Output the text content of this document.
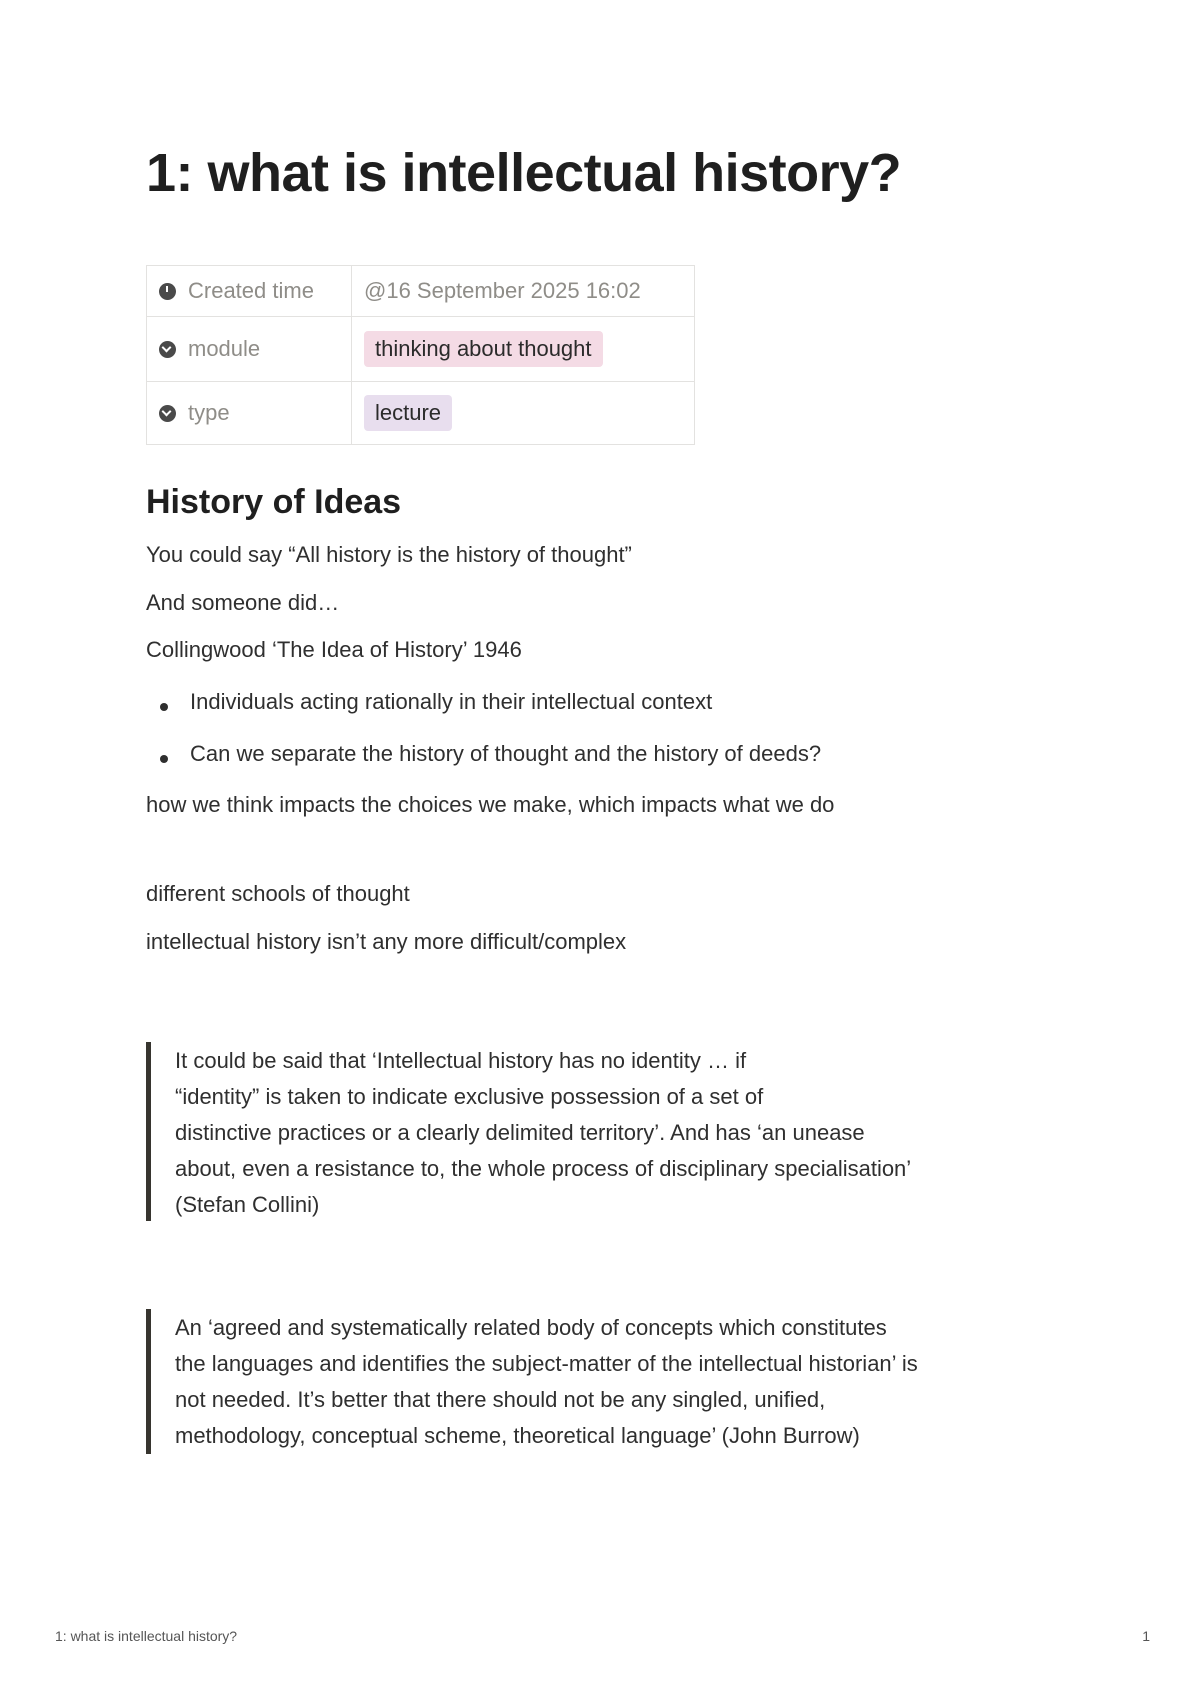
1: what is intellectual history?
Created time	@16 September 2025 16:02
module	thinking about thought
type	lecture
History of Ideas

You could say “All history is the history of thought”

And someone did…

Collingwood ‘The Idea of History’ 1946

Individuals acting rationally in their intellectual context

Can we separate the history of thought and the history of deeds?

how we think impacts the choices we make, which impacts what we do

different schools of thought

intellectual history isn’t any more difficult/complex

It could be said that ‘Intellectual history has no identity … if

“identity” is taken to indicate exclusive possession of a set of

distinctive practices or a clearly delimited territory’. And has ‘an unease

about, even a resistance to, the whole process of disciplinary specialisation’

(Stefan Collini)

An ‘agreed and systematically related body of concepts which constitutes

the languages and identifies the subject-matter of the intellectual historian’ is

not needed. It’s better that there should not be any singled, unified,

methodology, conceptual scheme, theoretical language’ (John Burrow)

1: what is intellectual history?	1
